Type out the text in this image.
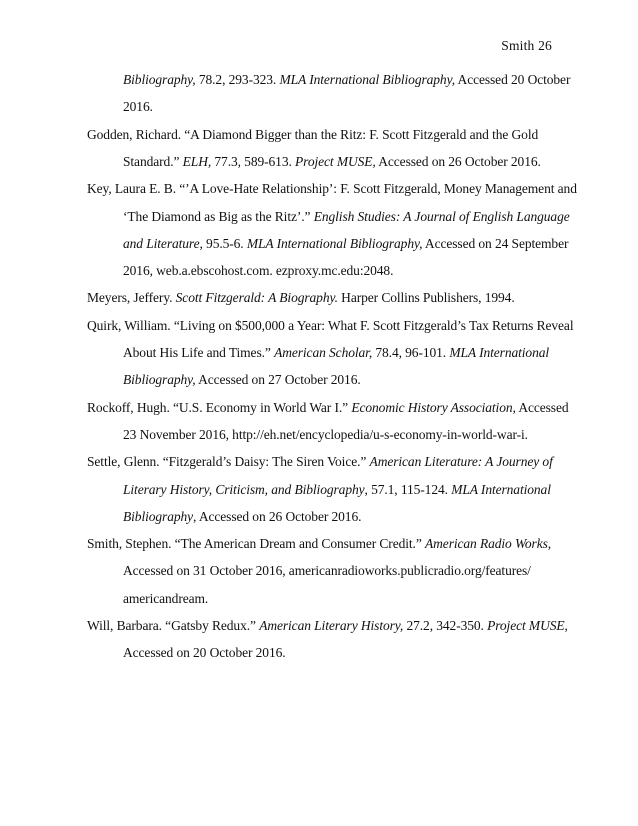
Smith 26
Bibliography, 78.2, 293-323. MLA International Bibliography, Accessed 20 October
2016.
Godden, Richard. “A Diamond Bigger than the Ritz: F. Scott Fitzgerald and the Gold
Standard.” ELH, 77.3, 589-613. Project MUSE, Accessed on 26 October 2016.
Key, Laura E. B. “’A Love-Hate Relationship’: F. Scott Fitzgerald, Money Management and
‘The Diamond as Big as the Ritz’.” English Studies: A Journal of English Language
and Literature, 95.5-6. MLA International Bibliography, Accessed on 24 September
2016, web.a.ebscohost.com. ezproxy.mc.edu:2048.
Meyers, Jeffery. Scott Fitzgerald: A Biography. Harper Collins Publishers, 1994.
Quirk, William. “Living on $500,000 a Year: What F. Scott Fitzgerald’s Tax Returns Reveal
About His Life and Times.” American Scholar, 78.4, 96-101. MLA International
Bibliography, Accessed on 27 October 2016.
Rockoff, Hugh. “U.S. Economy in World War I.” Economic History Association, Accessed
23 November 2016, http://eh.net/encyclopedia/u-s-economy-in-world-war-i.
Settle, Glenn. “Fitzgerald’s Daisy: The Siren Voice.” American Literature: A Journey of
Literary History, Criticism, and Bibliography, 57.1, 115-124. MLA International
Bibliography, Accessed on 26 October 2016.
Smith, Stephen. “The American Dream and Consumer Credit.” American Radio Works,
Accessed on 31 October 2016, americanradioworks.publicradio.org/features/
americandream.
Will, Barbara. “Gatsby Redux.” American Literary History, 27.2, 342-350. Project MUSE,
Accessed on 20 October 2016.
